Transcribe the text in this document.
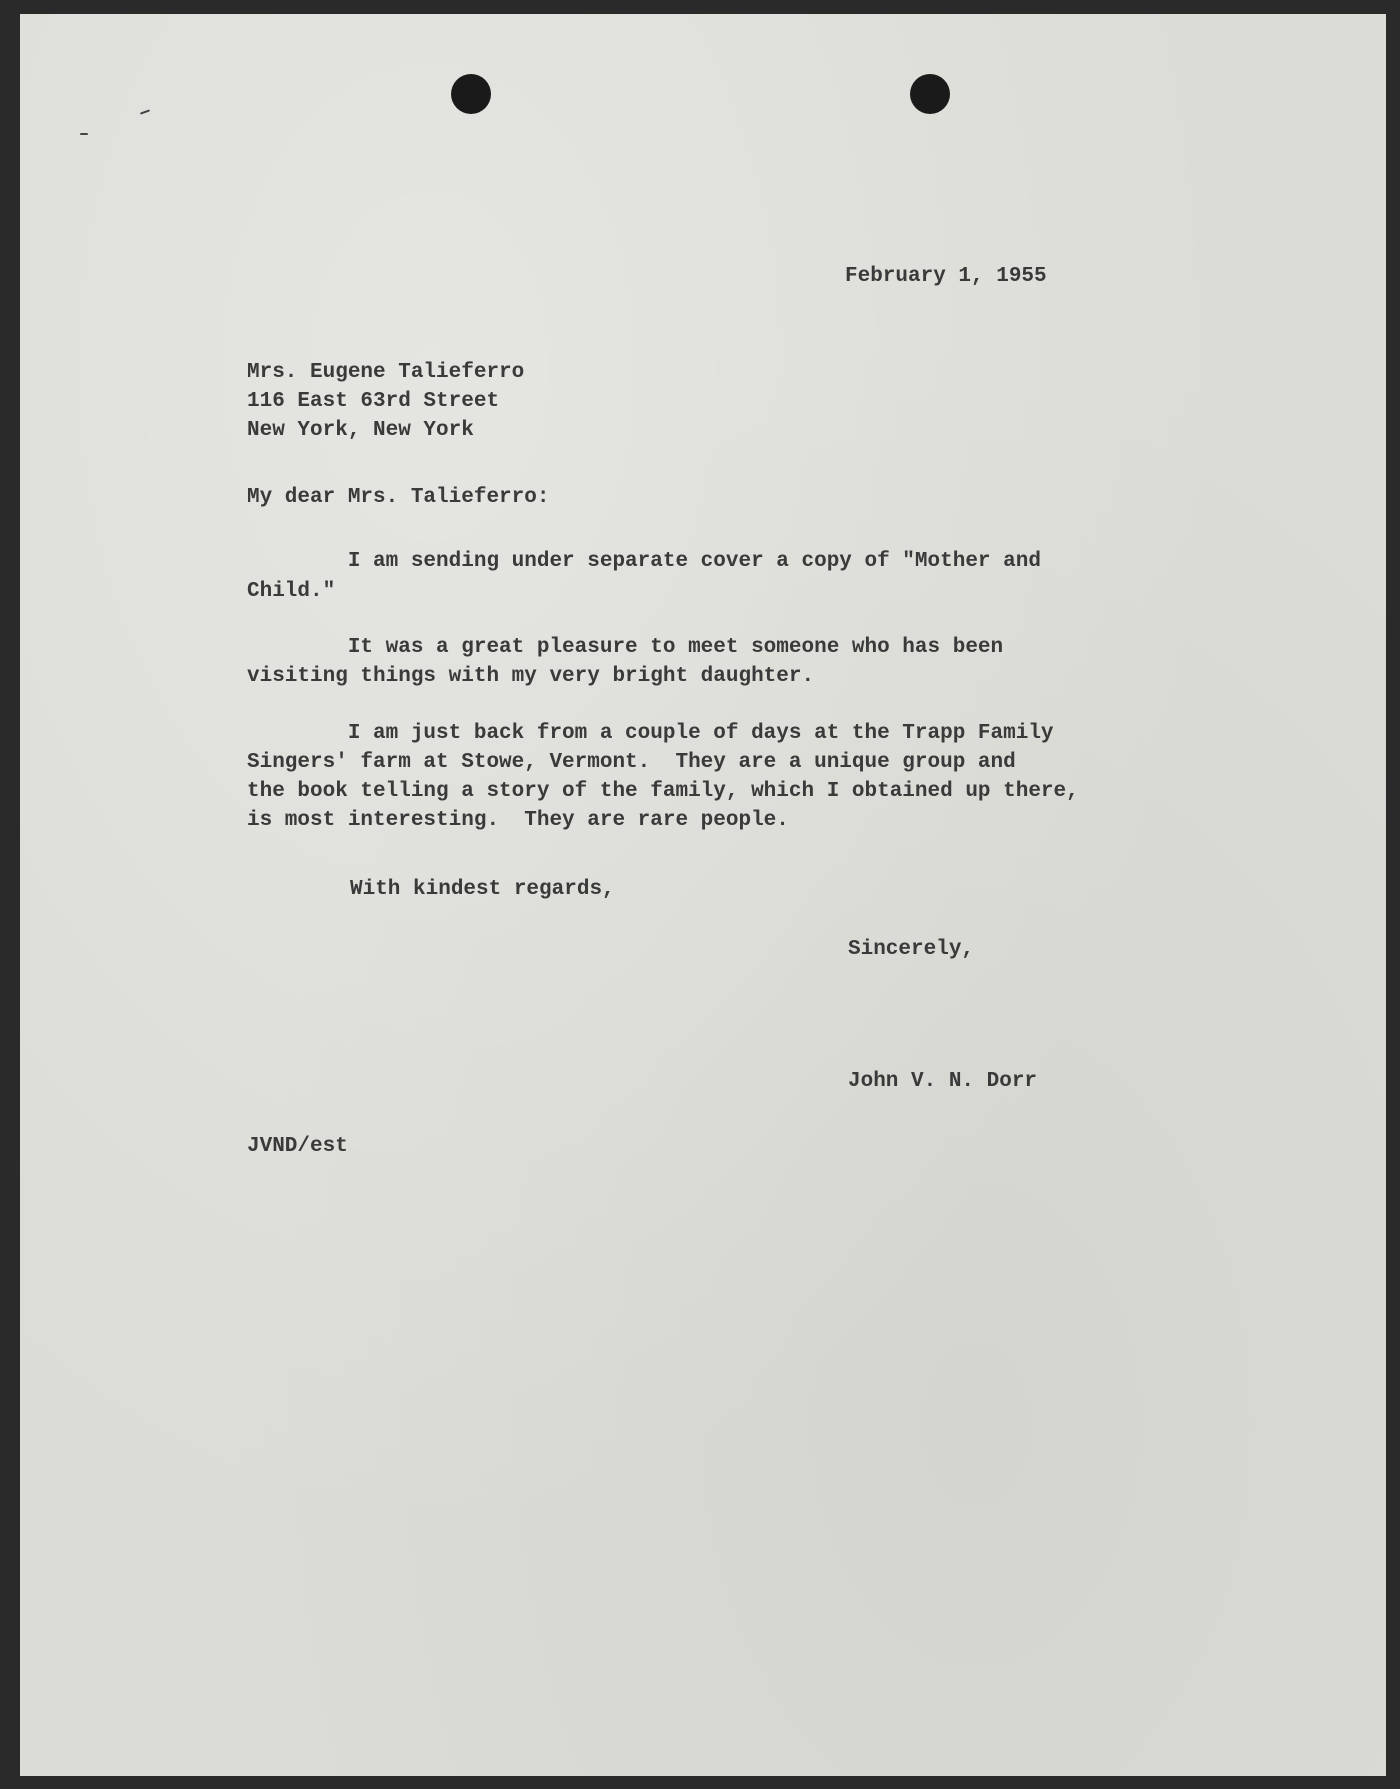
February 1, 1955

Mrs. Eugene Talieferro

116 East 63rd Street

New York, New York

My dear Mrs. Talieferro:

I am sending under separate cover a copy of "Mother and

Child."

It was a great pleasure to meet someone who has been

visiting things with my very bright daughter.

I am just back from a couple of days at the Trapp Family

Singers' farm at Stowe, Vermont.  They are a unique group and

the book telling a story of the family, which I obtained up there,

is most interesting.  They are rare people.

With kindest regards,

Sincerely,

John V. N. Dorr

JVND/est
